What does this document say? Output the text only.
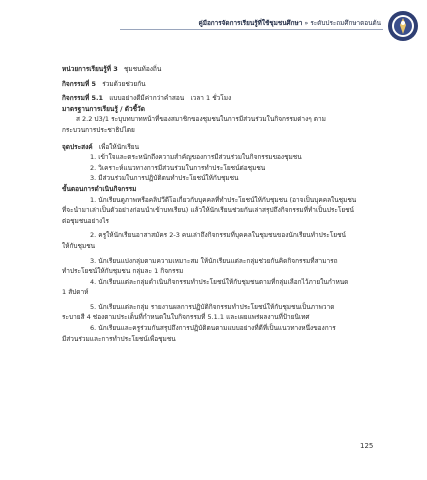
คู่มือการจัดการเรียนรู้ที่ใช้ชุมชนศึกษา » ระดับประถมศึกษาตอนต้น
หน่วยการเรียนรู้ที่ 3 ชุมชนท้องถิ่น
กิจกรรมที่ 5 ร่วมด้วยช่วยกัน
กิจกรรมที่ 5.1 แบบอย่างดีมีค่ากว่าคำสอน เวลา 1 ชั่วโมง
มาตรฐานการเรียนรู้ / ตัวชี้วัด
ส 2.2 ป3/1 ระบุบทบาทหน้าที่ของสมาชิกของชุมชนในการมีส่วนร่วมในกิจกรรมต่างๆ ตาม
กระบวนการประชาธิปไตย
จุดประสงค์ เพื่อให้นักเรียน
1. เข้าใจและตระหนักถึงความสำคัญของการมีส่วนร่วมในกิจกรรมของชุมชน
2. วิเคราะห์แนวทางการมีส่วนร่วมในการทำประโยชน์ต่อชุมชน
3. มีส่วนร่วมในการปฏิบัติตนทำประโยชน์ให้กับชุมชน
ขั้นตอนการดำเนินกิจกรรม
1. นักเรียนดูภาพหรือคลิปวีดีโอเกี่ยวกับบุคคลที่ทำประโยชน์ให้กับชุมชน (อาจเป็นบุคคลในชุมชน
ที่จะนำมาเล่าเป็นตัวอย่างก่อนนำเข้าบทเรียน) แล้วให้นักเรียนช่วยกันเล่าสรุปถึงกิจกรรมที่ทำเป็นประโยชน์
ต่อชุมชนอย่างไร
2. ครูให้นักเรียนอาสาสมัคร 2-3 คนเล่าถึงกิจกรรมที่บุคคลในชุมชนของนักเรียนทำประโยชน์
ให้กับชุมชน
3. นักเรียนแบ่งกลุ่มตามความเหมาะสม ให้นักเรียนแต่ละกลุ่มช่วยกันคิดกิจกรรมที่สามารถ
ทำประโยชน์ให้กับชุมชน กลุ่มละ 1 กิจกรรม
4. นักเรียนแต่ละกลุ่มดำเนินกิจกรรมทำประโยชน์ให้กับชุมชนตามที่กลุ่มเลือกไว้ภายในกำหนด
1 สัปดาห์
5. นักเรียนแต่ละกลุ่ม รายงานผลการปฏิบัติกิจกรรมทำประโยชน์ให้กับชุมชนเป็นภาพวาด
ระบายสี 4 ช่องตามประเด็นที่กำหนดในใบกิจกรรมที่ 5.1.1 และเผยแพร่ผลงานที่ป้ายนิเทศ
6. นักเรียนและครูร่วมกันสรุปถึงการปฏิบัติตนตามแบบอย่างที่ดีที่เป็นแนวทางหนึ่งของการ
มีส่วนร่วมและการทำประโยชน์เพื่อชุมชน
125
